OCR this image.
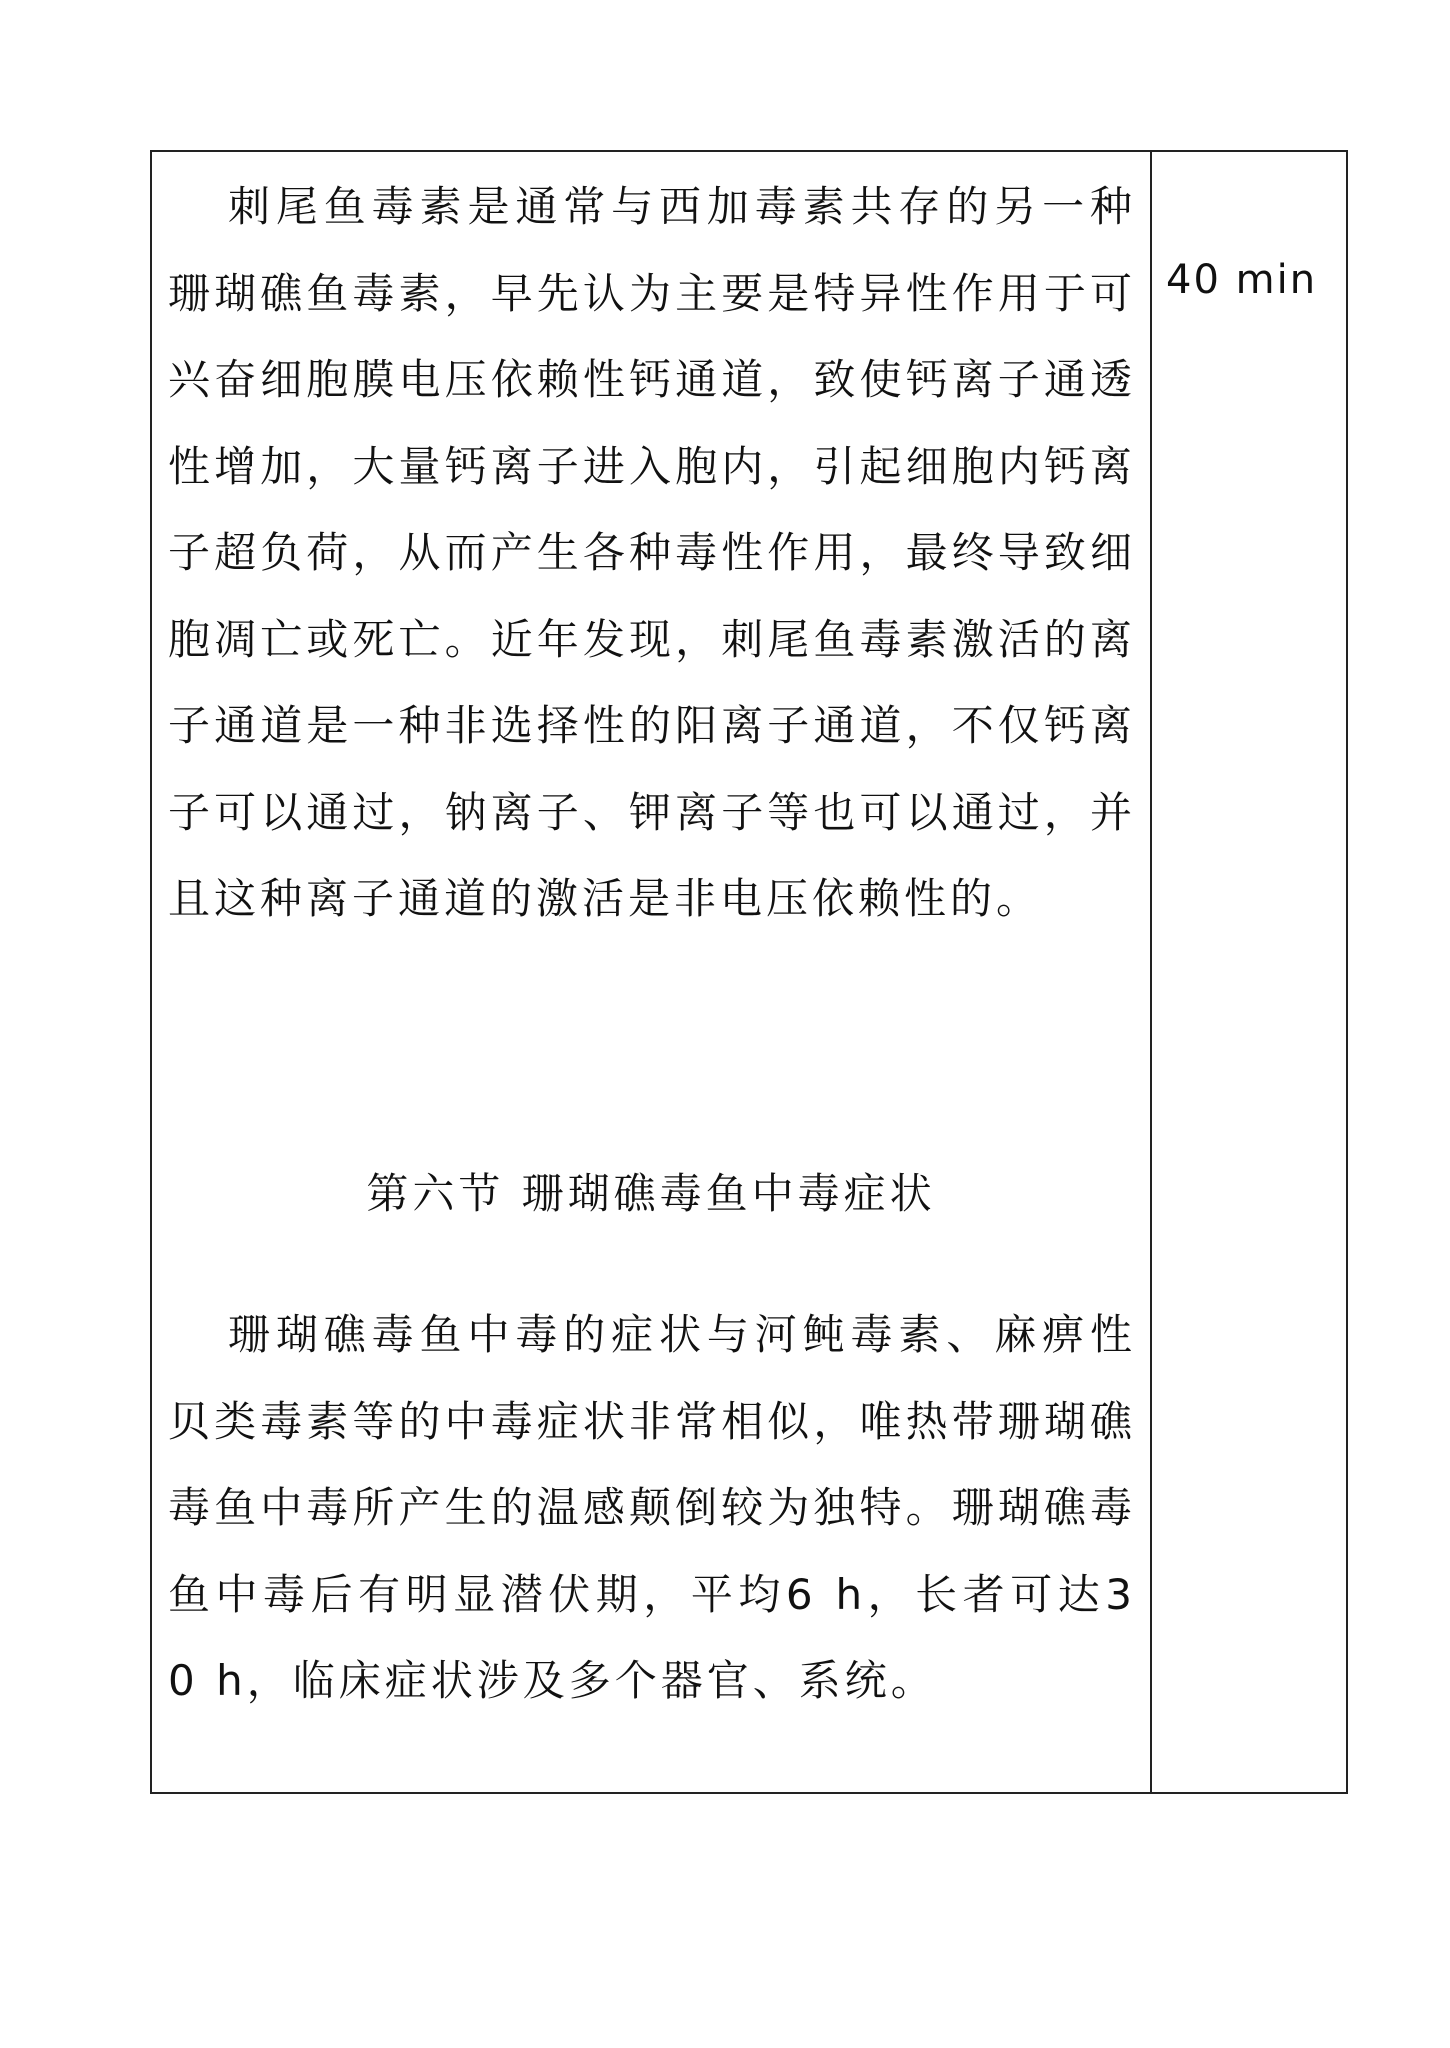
刺尾鱼毒素是通常与西加毒素共存的另一种珊瑚礁鱼毒素，早先认为主要是特异性作用于可兴奋细胞膜电压依赖性钙通道，致使钙离子通透性增加，大量钙离子进入胞内，引起细胞内钙离子超负荷，从而产生各种毒性作用，最终导致细胞凋亡或死亡。近年发现，刺尾鱼毒素激活的离子通道是一种非选择性的阳离子通道，不仅钙离子可以通过，钠离子、钾离子等也可以通过，并且这种离子通道的激活是非电压依赖性的。

第六节 珊瑚礁毒鱼中毒症状

珊瑚礁毒鱼中毒的症状与河鲀毒素、麻痹性贝类毒素等的中毒症状非常相似，唯热带珊瑚礁毒鱼中毒所产生的温感颠倒较为独特。珊瑚礁毒鱼中毒后有明显潜伏期，平均6 h，长者可达30 h，临床症状涉及多个器官、系统。

40 min
